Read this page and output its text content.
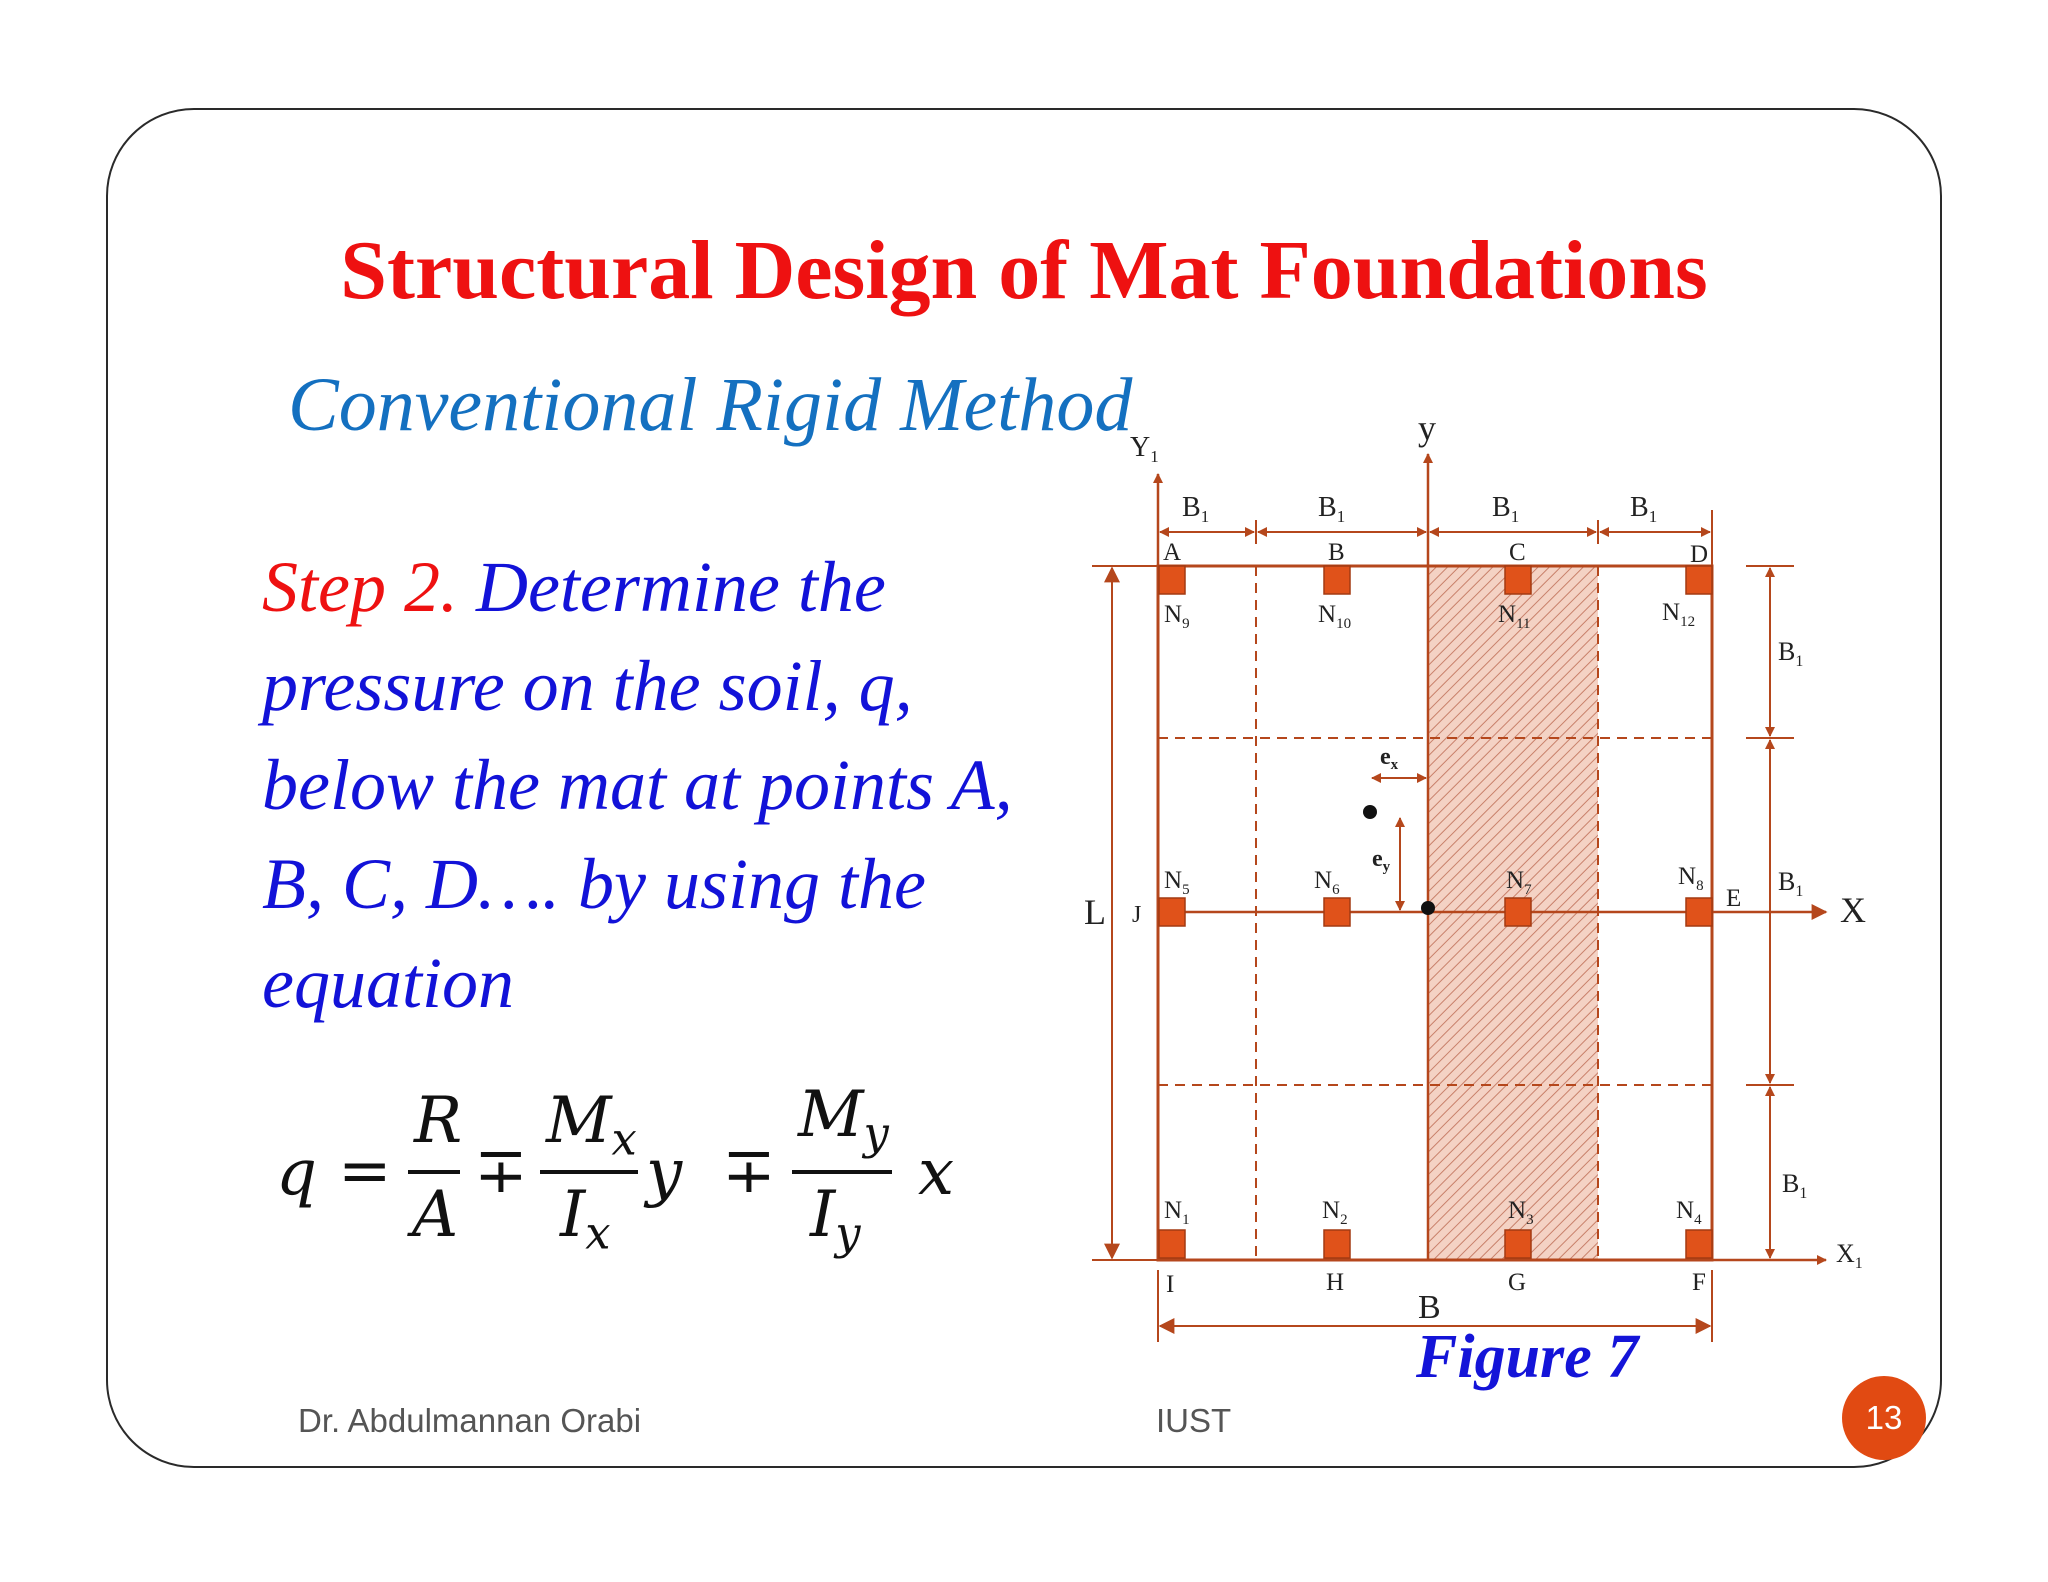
Structural Design of Mat Foundations
Conventional Rigid Method
Step 2. Determine the pressure on the soil, q, below the mat at points A, B, C, D…. by using the equation
q =
R
A
∓
$M_x$
$I_x$
y ∓
$M_y$
$I_y$
x
y
X
$Y_1$
$X_1$
L
B
$B_1$	$B_1$	$B_1$	$B_1$
$B_1$
$B_1$
$B_1$
$e_x$
$e_y$
A	B	C	D
J
E
I	H	G	F
$N_9$	$N_{10}$	$N_{11}$	$N_{12}$
$N_5$	$N_6$	$N_7$	$N_8$
$N_1$	$N_2$	$N_3$	$N_4$
Figure 7
Dr. Abdulmannan Orabi	IUST	13
